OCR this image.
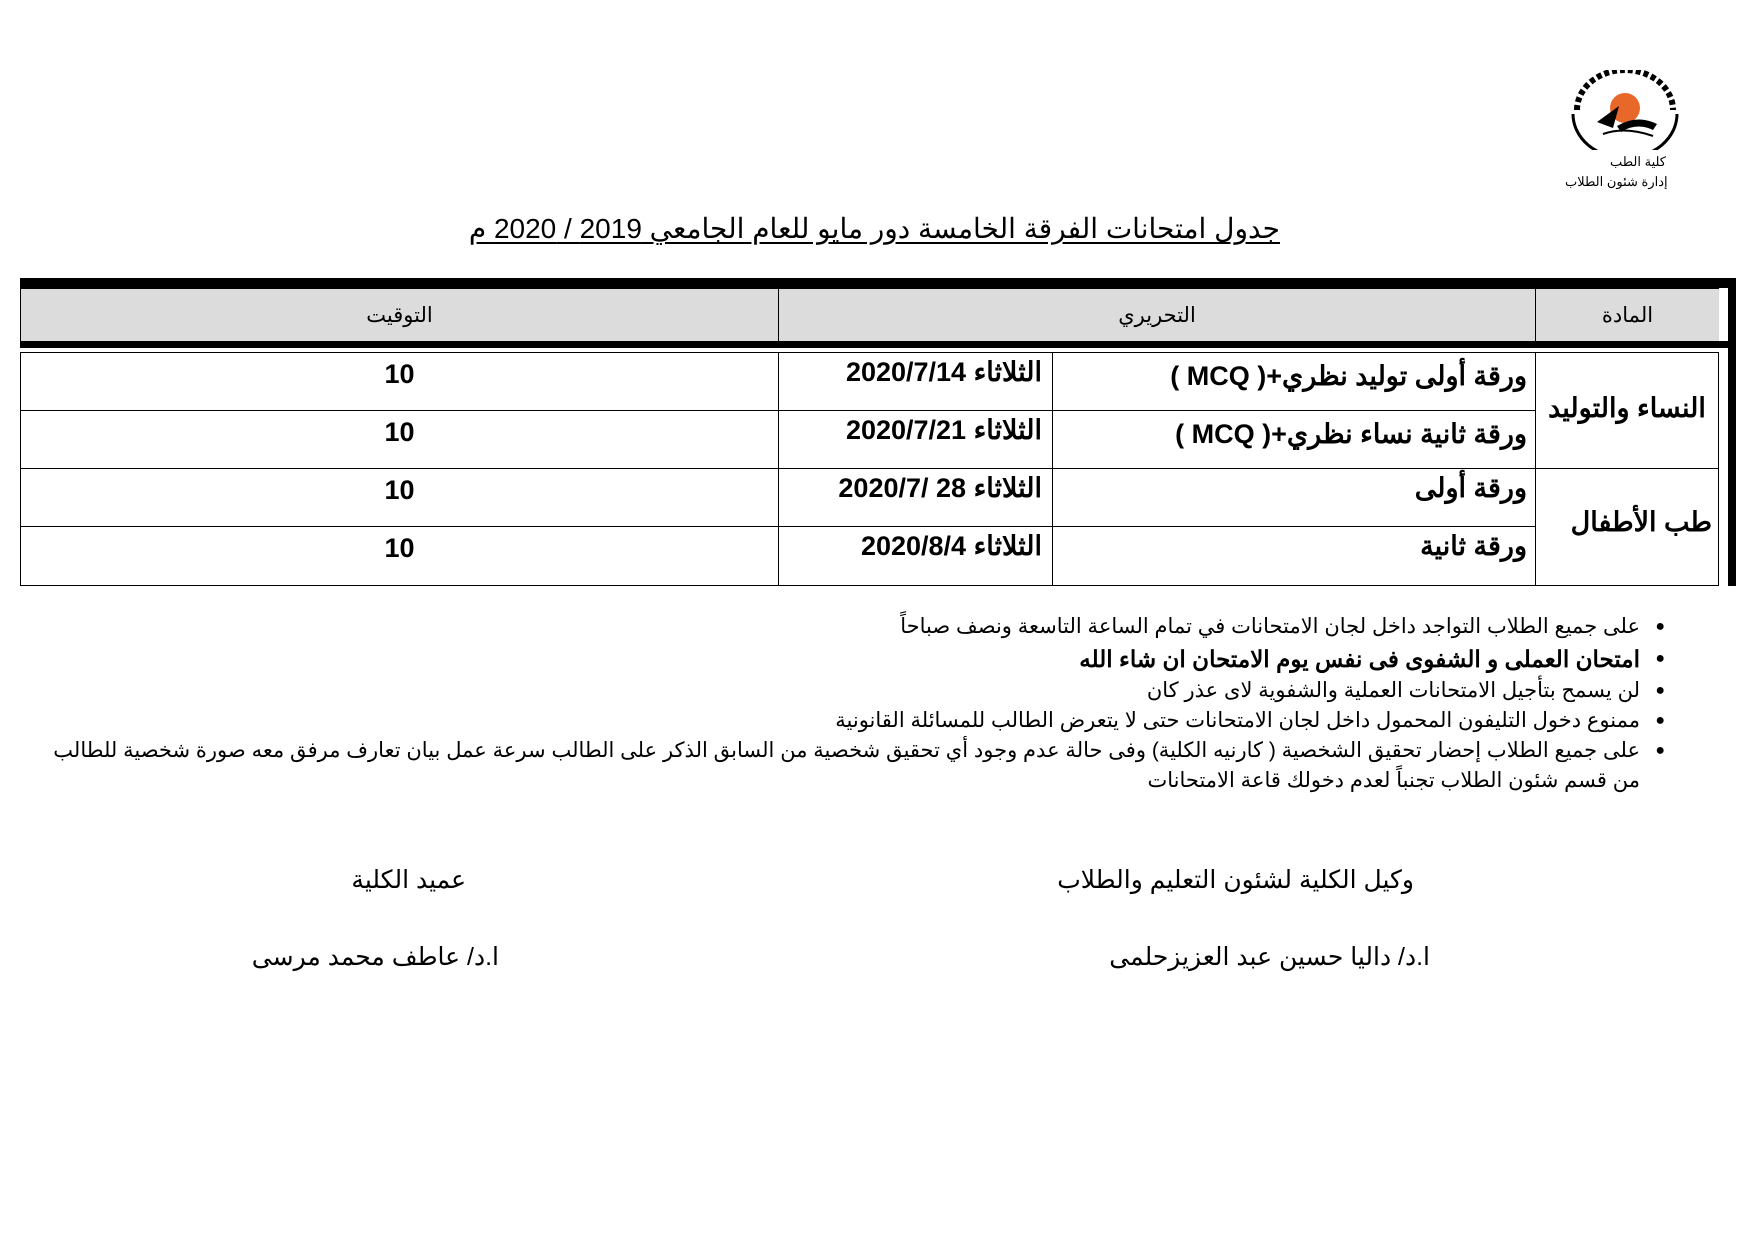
كلية الطب
إدارة شئون الطلاب
جدول امتحانات الفرقة الخامسة دور مايو للعام الجامعي 2019 / 2020 م
المادة
التحريري
التوقيت
النساء والتوليد
ورقة أولى توليد نظري+( MCQ )
الثلاثاء 2020/7/14
10
ورقة ثانية نساء نظري+( MCQ )
الثلاثاء 2020/7/21
10
طب الأطفال
ورقة أولى
الثلاثاء 28 /2020/7
10
ورقة ثانية
الثلاثاء 2020/8/4
10
●
على جميع الطلاب التواجد داخل لجان الامتحانات في تمام الساعة التاسعة ونصف صباحاً
●
امتحان العملى و الشفوى فى نفس يوم الامتحان ان شاء الله
●
لن يسمح بتأجيل الامتحانات العملية والشفوية لاى عذر كان
●
ممنوع دخول التليفون المحمول داخل لجان الامتحانات حتى لا يتعرض الطالب للمسائلة القانونية
●
على جميع الطلاب إحضار تحقيق الشخصية ( كارنيه الكلية) وفى حالة عدم وجود أي تحقيق شخصية من السابق الذكر على الطالب سرعة عمل بيان تعارف مرفق معه صورة شخصية للطالب من قسم شئون الطلاب تجنباً لعدم دخولك قاعة الامتحانات
وكيل الكلية لشئون التعليم والطلاب
عميد الكلية
ا.د/ داليا حسين عبد العزيزحلمى
ا.د/ عاطف محمد مرسى
